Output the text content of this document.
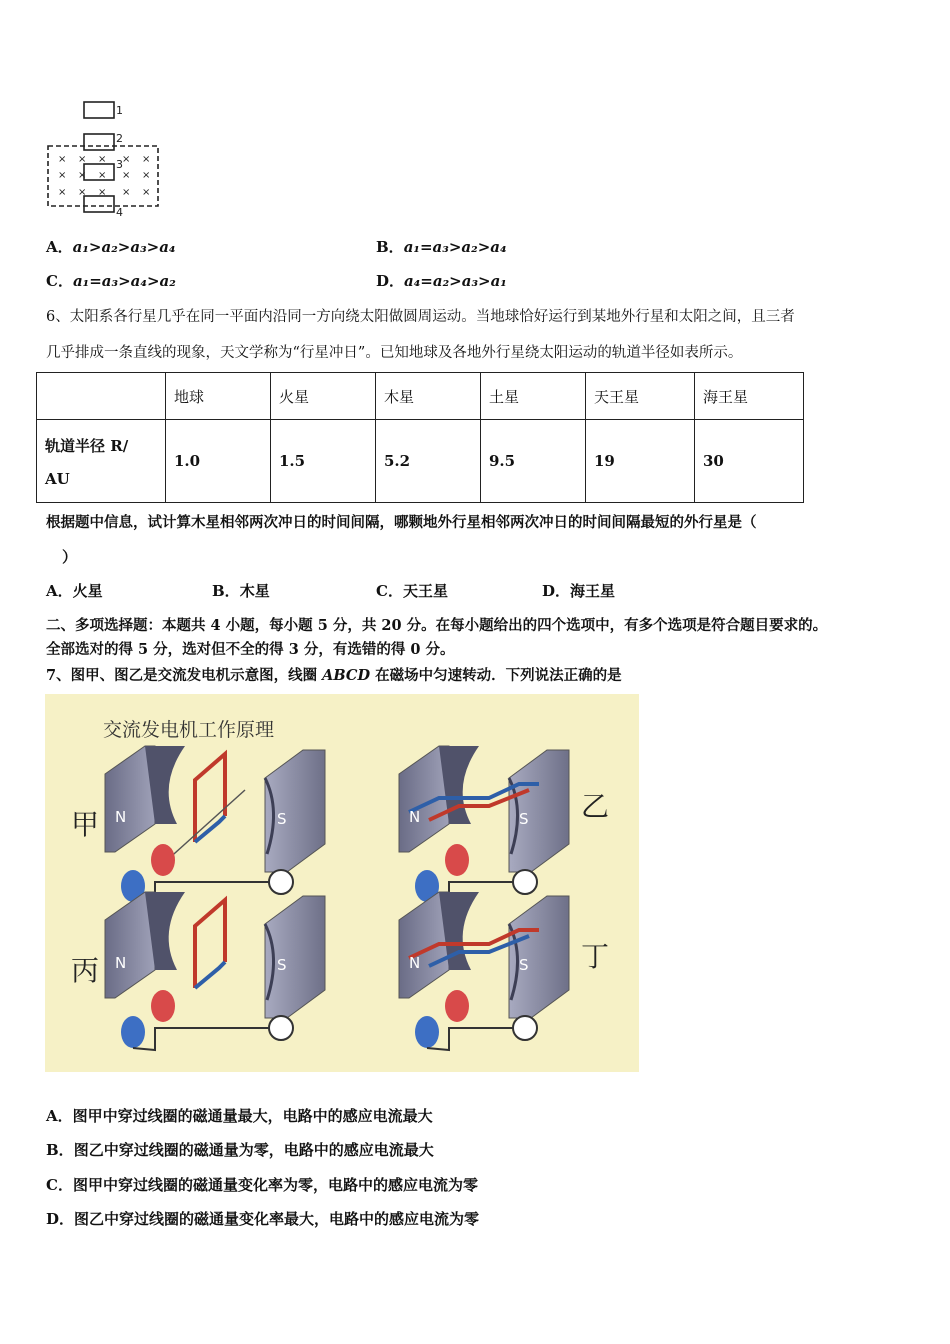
1
2
3
4
× × × × ×
× × × × ×
× × × × ×
A．a₁>a₂>a₃>a₄	B．a₁=a₃>a₂>a₄
C．a₁=a₃>a₄>a₂	D．a₄=a₂>a₃>a₁
6、太阳系各行星几乎在同一平面内沿同一方向绕太阳做圆周运动。当地球恰好运行到某地外行星和太阳之间，且三者
几乎排成一条直线的现象，天文学称为“行星冲日”。已知地球及各地外行星绕太阳运动的轨道半径如表所示。
	地球	火星	木星	土星	天王星	海王星

轨道半径 R/
AU	1.0	1.5	5.2	9.5	19	30
根据题中信息，试计算木星相邻两次冲日的时间间隔，哪颗地外行星相邻两次冲日的时间间隔最短的外行星是（
）
A．火星	B．木星	C．天王星	D．海王星
二、多项选择题：本题共 4 小题，每小题 5 分，共 20 分。在每小题给出的四个选项中，有多个选项是符合题目要求的。
全部选对的得 5 分，选对但不全的得 3 分，有选错的得 0 分。
7、图甲、图乙是交流发电机示意图，线圈 ABCD 在磁场中匀速转动．下列说法正确的是
交流发电机工作原理
甲
乙
丙	丁
N	S	N	S
N	S	N	S
A．图甲中穿过线圈的磁通量最大，电路中的感应电流最大
B．图乙中穿过线圈的磁通量为零，电路中的感应电流最大
C．图甲中穿过线圈的磁通量变化率为零，电路中的感应电流为零
D．图乙中穿过线圈的磁通量变化率最大，电路中的感应电流为零
